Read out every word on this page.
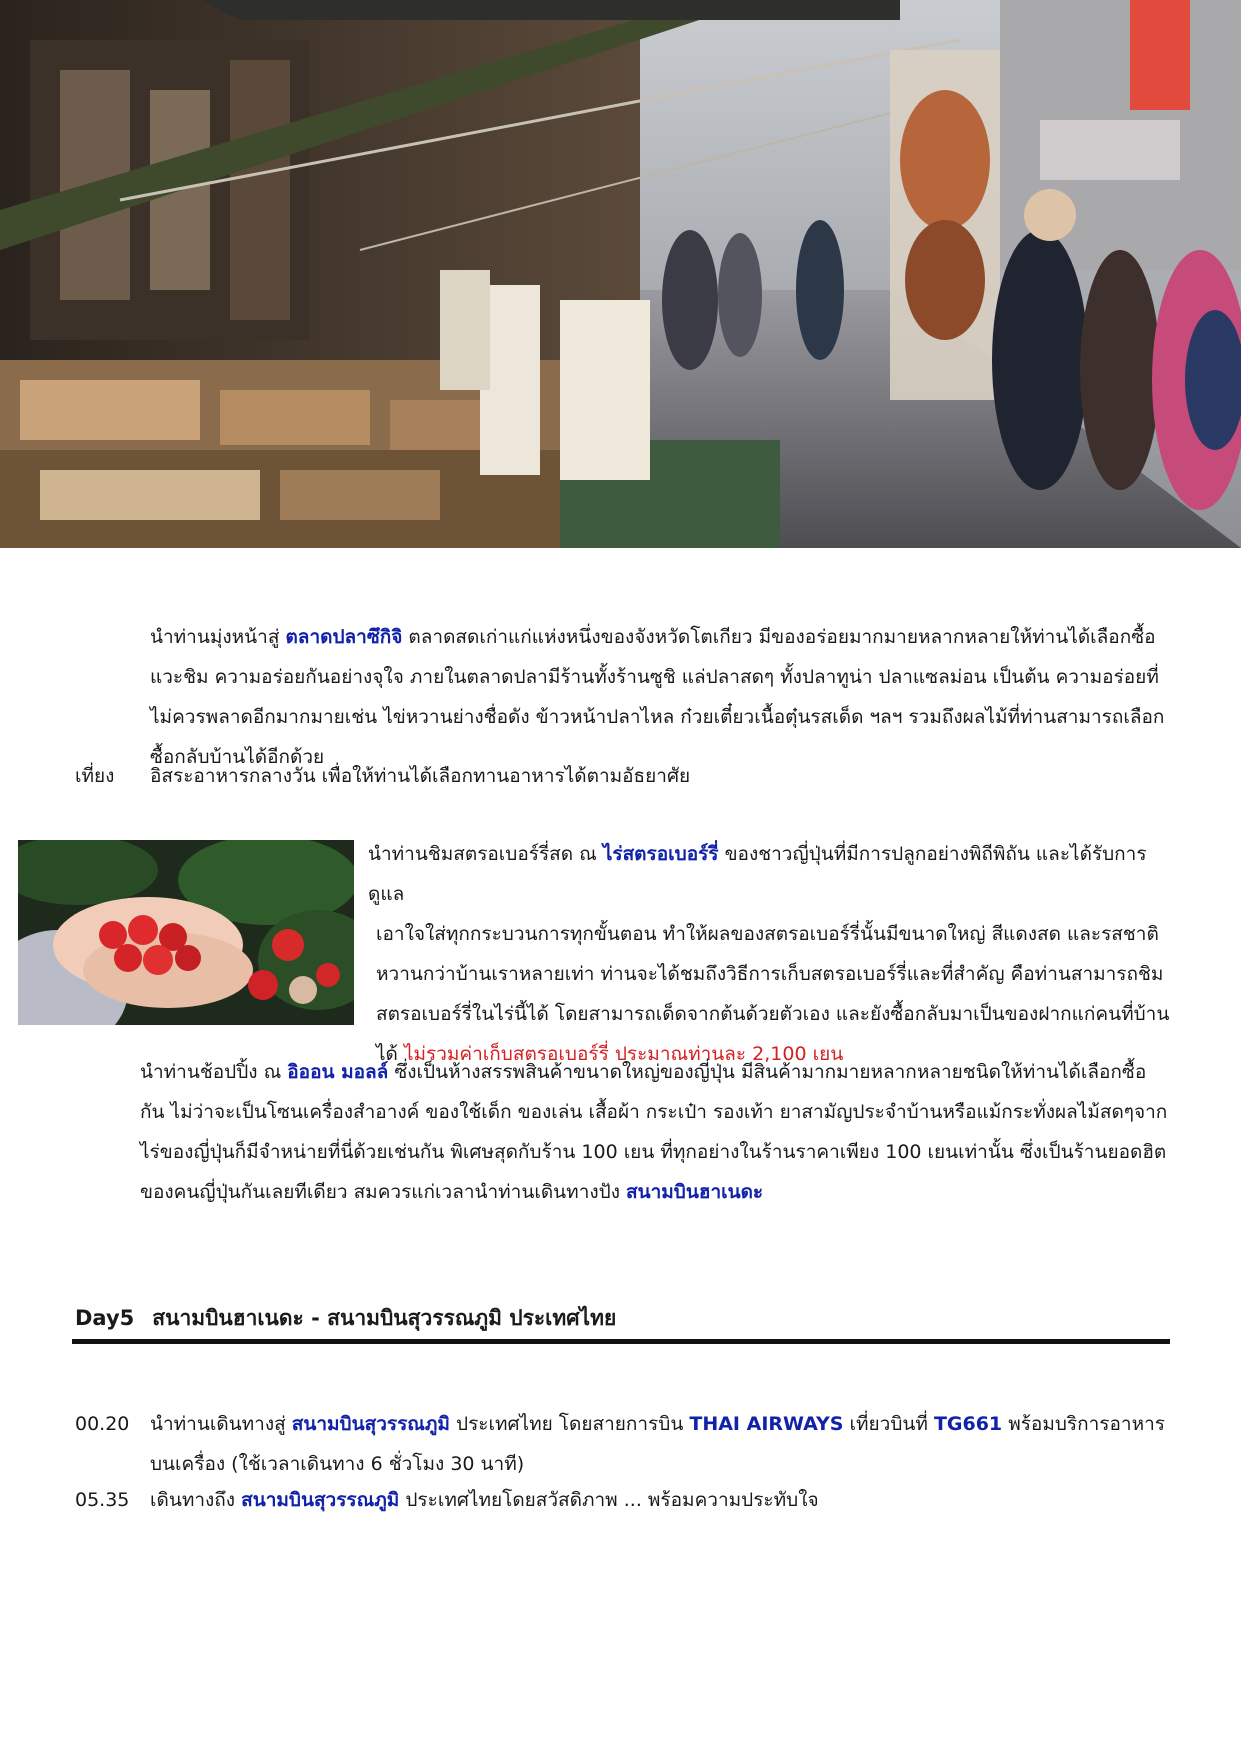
นำท่านมุ่งหน้าสู่ ตลาดปลาซึกิจิ ตลาดสดเก่าแก่แห่งหนึ่งของจังหวัดโตเกียว มีของอร่อยมากมายหลากหลายให้ท่านได้เลือกซื้อแวะชิม ความอร่อยกันอย่างจุใจ ภายในตลาดปลามีร้านทั้งร้านซูชิ แล่ปลาสดๆ ทั้งปลาทูน่า ปลาแซลม่อน เป็นต้น ความอร่อยที่ไม่ควรพลาดอีกมากมายเช่น ไข่หวานย่างชื่อดัง ข้าวหน้าปลาไหล ก๋วยเตี๋ยวเนื้อตุ๋นรสเด็ด ฯลฯ รวมถึงผลไม้ที่ท่านสามารถเลือกซื้อกลับบ้านได้อีกด้วย
เที่ยง อิสระอาหารกลางวัน เพื่อให้ท่านได้เลือกทานอาหารได้ตามอัธยาศัย
นำท่านชิมสตรอเบอร์รี่สด ณ ไร่สตรอเบอร์รี่ ของชาวญี่ปุ่นที่มีการปลูกอย่างพิถีพิถัน และได้รับการดูแล
เอาใจใส่ทุกกระบวนการทุกขั้นตอน ทำให้ผลของสตรอเบอร์รี่นั้นมีขนาดใหญ่ สีแดงสด และรสชาติหวานกว่าบ้านเราหลายเท่า ท่านจะได้ชมถึงวิธีการเก็บสตรอเบอร์รี่และที่สำคัญ คือท่านสามารถชิมสตรอเบอร์รี่ในไร่นี้ได้ โดยสามารถเด็ดจากต้นด้วยตัวเอง และยังซื้อกลับมาเป็นของฝากแก่คนที่บ้านได้ ไม่รวมค่าเก็บสตรอเบอร์รี่ ประมาณท่านละ 2,100 เยน
นำท่านช้อปปิ้ง ณ อิออน มอลล์ ซึ่งเป็นห้างสรรพสินค้าขนาดใหญ่ของญี่ปุ่น มีสินค้ามากมายหลากหลายชนิดให้ท่านได้เลือกซื้อกัน ไม่ว่าจะเป็นโซนเครื่องสำอางค์ ของใช้เด็ก ของเล่น เสื้อผ้า กระเป๋า รองเท้า ยาสามัญประจำบ้านหรือแม้กระทั่งผลไม้สดๆจากไร่ของญี่ปุ่นก็มีจำหน่ายที่นี่ด้วยเช่นกัน พิเศษสุดกับร้าน 100 เยน ที่ทุกอย่างในร้านราคาเพียง 100 เยนเท่านั้น ซึ่งเป็นร้านยอดฮิตของคนญี่ปุ่นกันเลยทีเดียว สมควรแก่เวลานำท่านเดินทางปัง สนามบินฮาเนดะ
Day5 สนามบินฮาเนดะ - สนามบินสุวรรณภูมิ ประเทศไทย
00.20 นำท่านเดินทางสู่ สนามบินสุวรรณภูมิ ประเทศไทย โดยสายการบิน THAI AIRWAYS เที่ยวบินที่ TG661 พร้อมบริการอาหารบนเครื่อง (ใช้เวลาเดินทาง 6 ชั่วโมง 30 นาที)
05.35 เดินทางถึง สนามบินสุวรรณภูมิ ประเทศไทยโดยสวัสดิภาพ ... พร้อมความประทับใจ
